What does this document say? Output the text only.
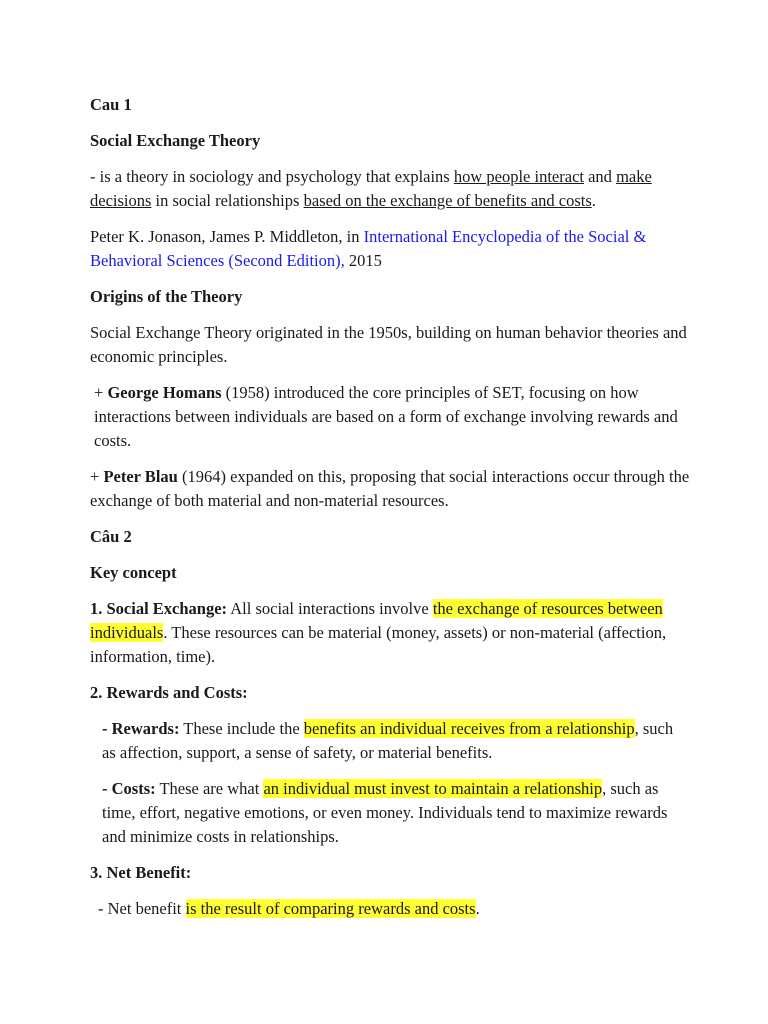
Cau 1

Social Exchange Theory

- is a theory in sociology and psychology that explains how people interact and make decisions in social relationships based on the exchange of benefits and costs.

Peter K. Jonason, James P. Middleton, in International Encyclopedia of the Social & Behavioral Sciences (Second Edition), 2015

Origins of the Theory

Social Exchange Theory originated in the 1950s, building on human behavior theories and economic principles.

+ George Homans (1958) introduced the core principles of SET, focusing on how interactions between individuals are based on a form of exchange involving rewards and costs.

+ Peter Blau (1964) expanded on this, proposing that social interactions occur through the exchange of both material and non-material resources.

Câu 2

Key concept

1. Social Exchange: All social interactions involve the exchange of resources between individuals. These resources can be material (money, assets) or non-material (affection, information, time).

2. Rewards and Costs:

- Rewards: These include the benefits an individual receives from a relationship, such as affection, support, a sense of safety, or material benefits.

- Costs: These are what an individual must invest to maintain a relationship, such as time, effort, negative emotions, or even money. Individuals tend to maximize rewards and minimize costs in relationships.

3. Net Benefit:

- Net benefit is the result of comparing rewards and costs.
